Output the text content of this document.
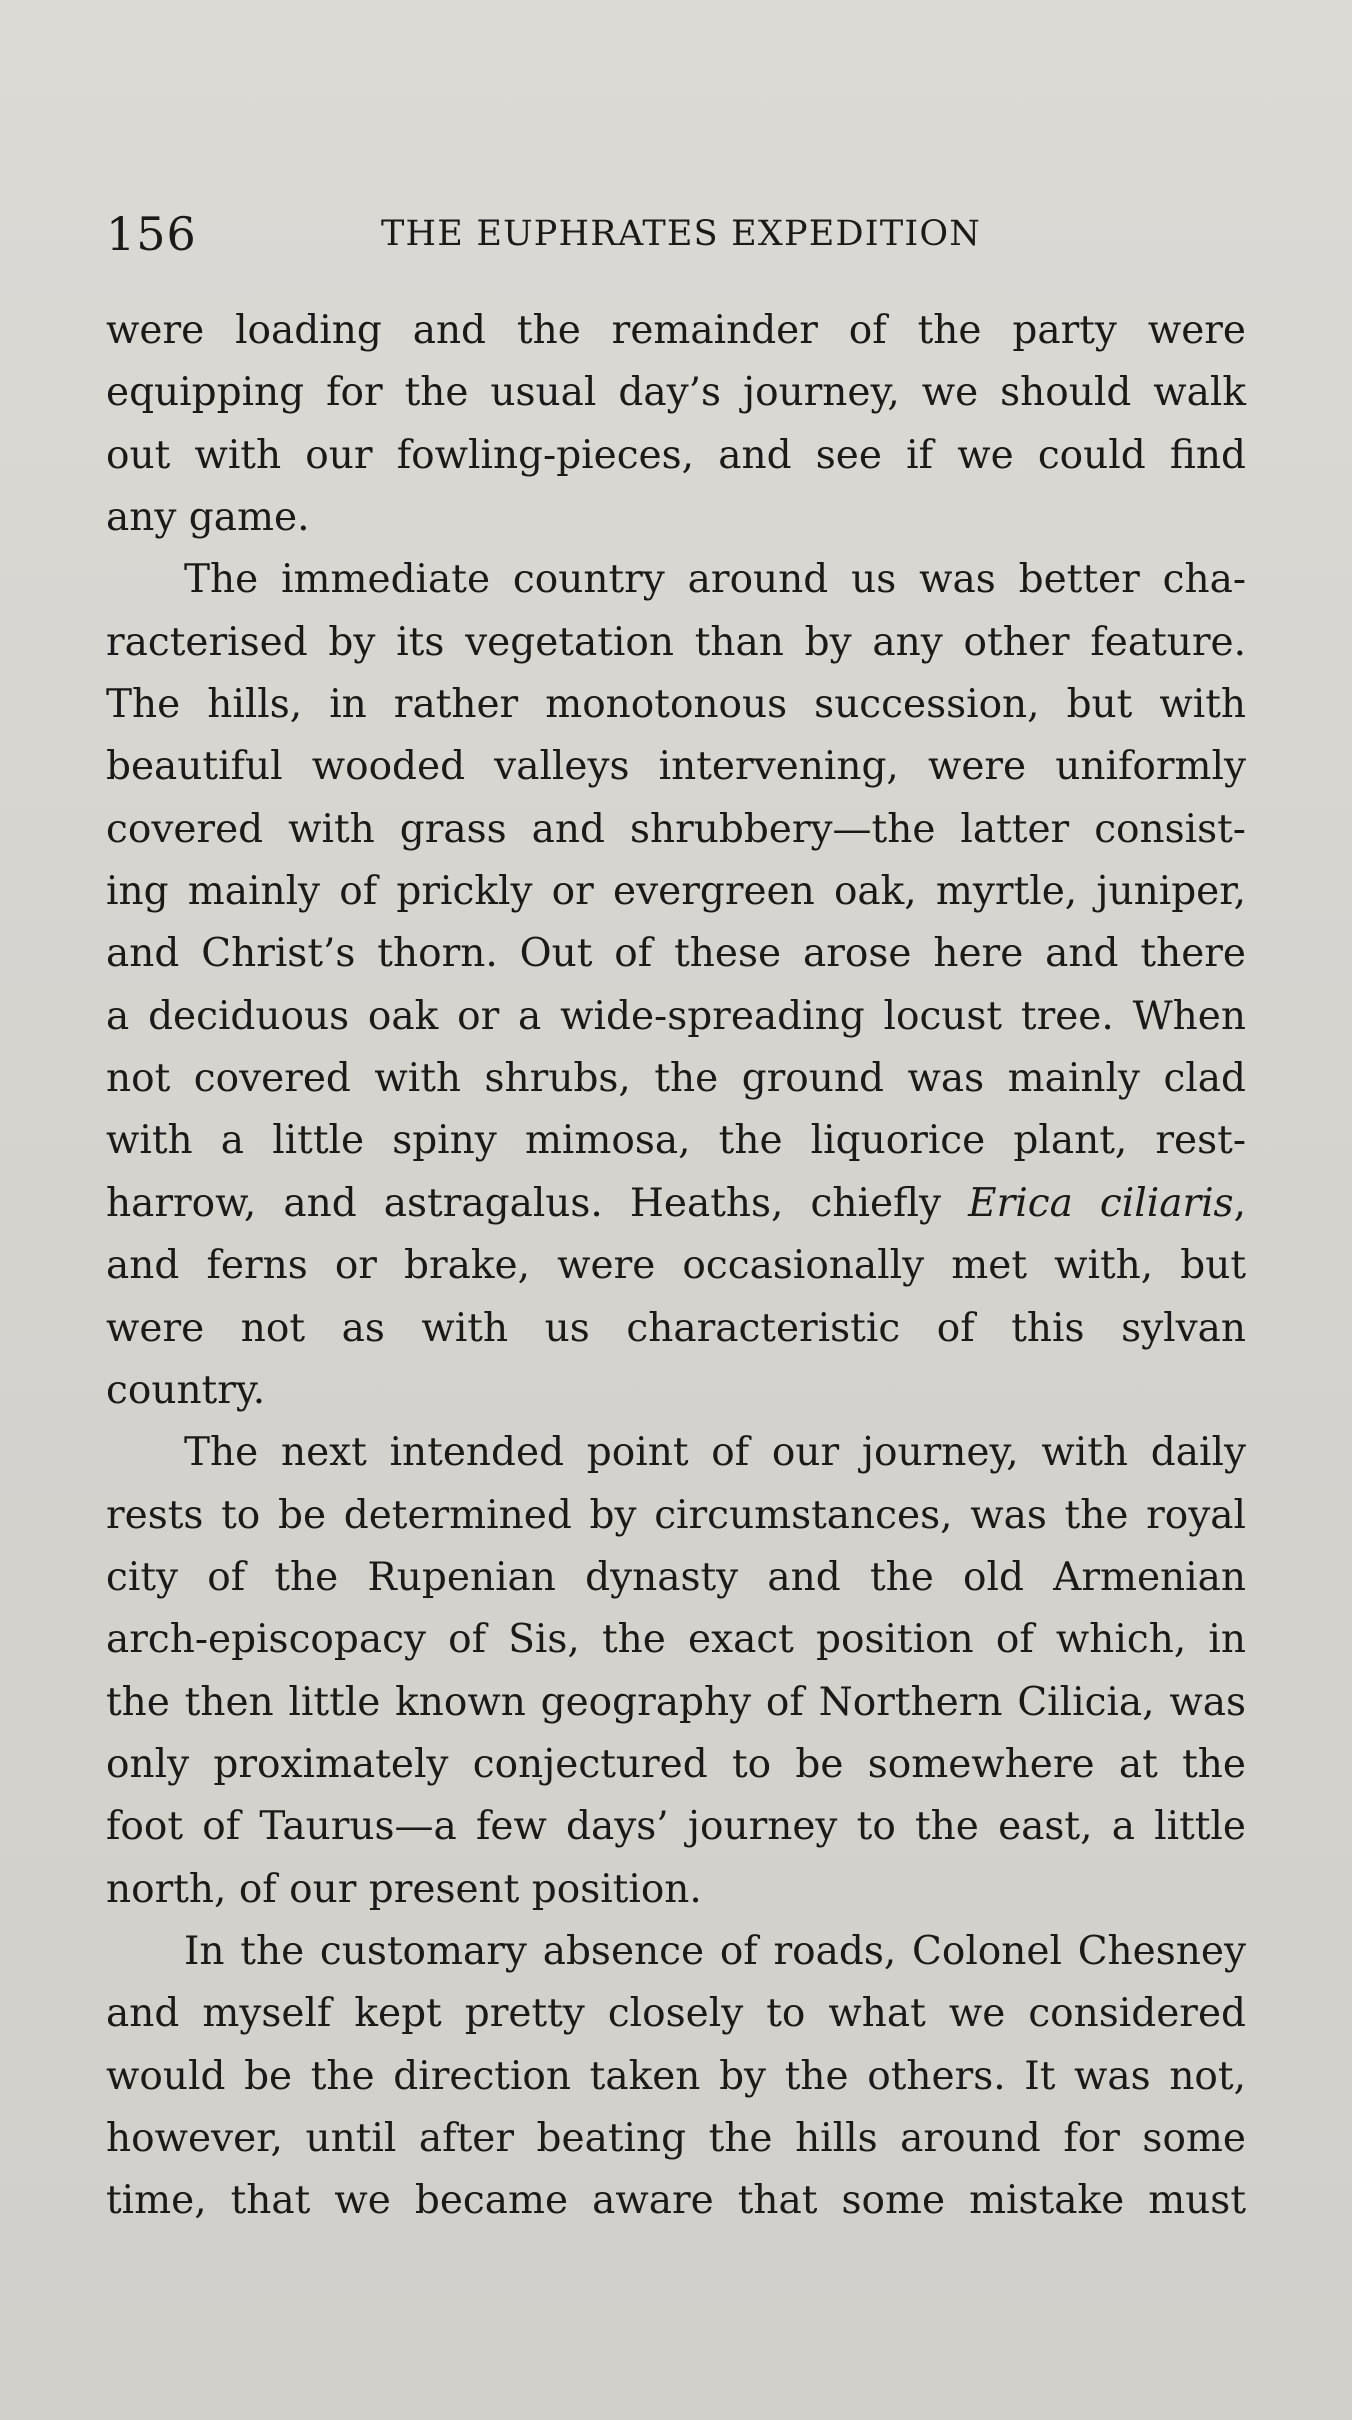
156	THE EUPHRATES EXPEDITION
were loading and the remainder of the party were
equipping for the usual day’s journey, we should walk
out with our fowling-pieces, and see if we could find
any game.
The immediate country around us was better cha-
racterised by its vegetation than by any other feature.
The hills, in rather monotonous succession, but with
beautiful wooded valleys intervening, were uniformly
covered with grass and shrubbery—the latter consist-
ing mainly of prickly or evergreen oak, myrtle, juniper,
and Christ’s thorn. Out of these arose here and there
a deciduous oak or a wide-spreading locust tree. When
not covered with shrubs, the ground was mainly clad
with a little spiny mimosa, the liquorice plant, rest-
harrow, and astragalus. Heaths, chiefly Erica ciliaris,
and ferns or brake, were occasionally met with, but
were not as with us characteristic of this sylvan
country.
The next intended point of our journey, with daily
rests to be determined by circumstances, was the royal
city of the Rupenian dynasty and the old Armenian
arch-episcopacy of Sis, the exact position of which, in
the then little known geography of Northern Cilicia, was
only proximately conjectured to be somewhere at the
foot of Taurus—a few days’ journey to the east, a little
north, of our present position.
In the customary absence of roads, Colonel Chesney
and myself kept pretty closely to what we considered
would be the direction taken by the others. It was not,
however, until after beating the hills around for some
time, that we became aware that some mistake must
